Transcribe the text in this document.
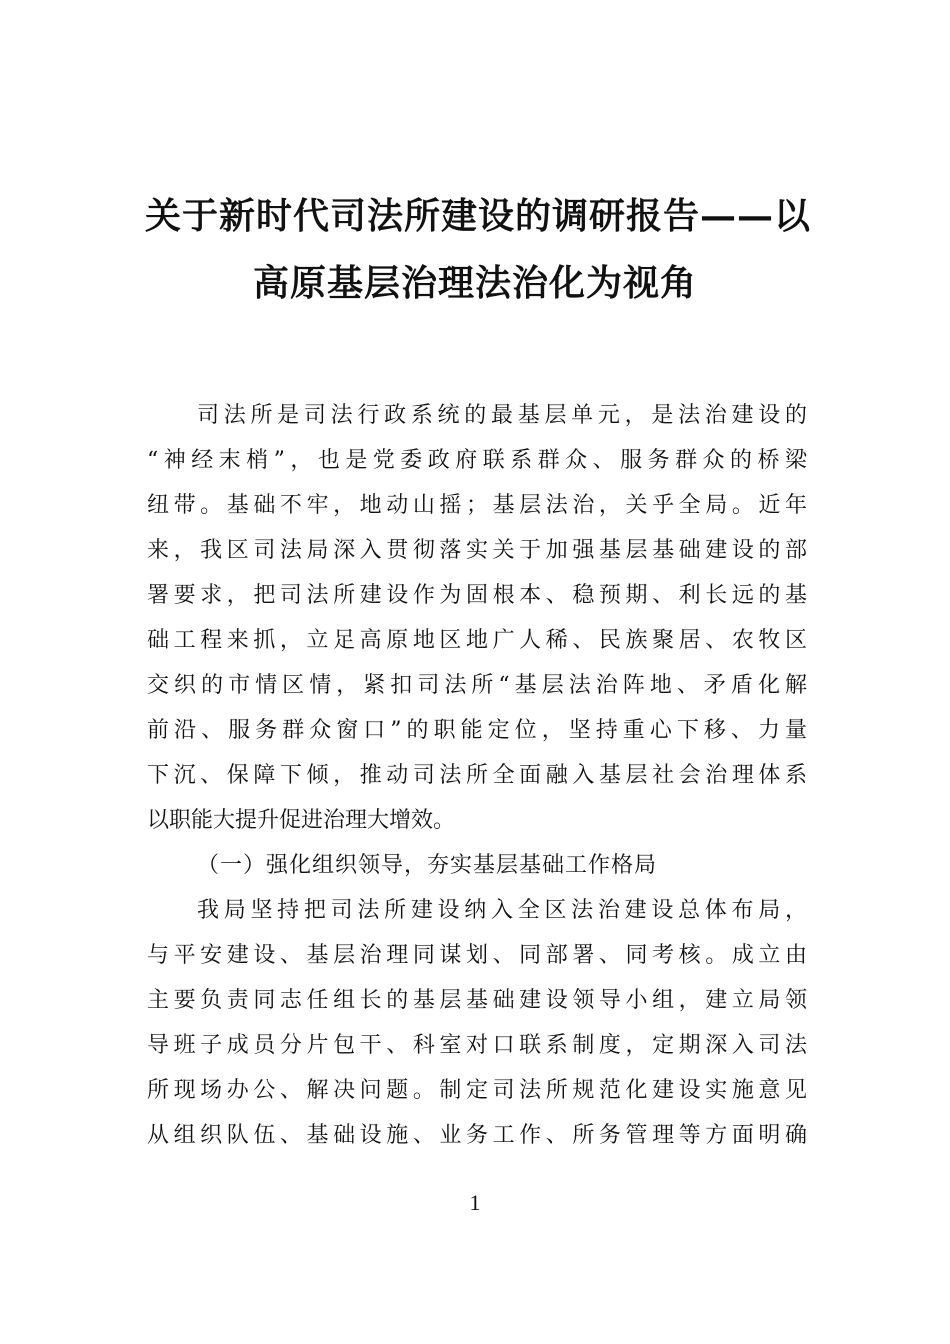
关于新时代司法所建设的调研报告——以
高原基层治理法治化为视角
司法所是司法行政系统的最基层单元，是法治建设的
“神经末梢”，也是党委政府联系群众、服务群众的桥梁
纽带。基础不牢，地动山摇；基层法治，关乎全局。近年
来，我区司法局深入贯彻落实关于加强基层基础建设的部
署要求，把司法所建设作为固根本、稳预期、利长远的基
础工程来抓，立足高原地区地广人稀、民族聚居、农牧区
交织的市情区情，紧扣司法所“基层法治阵地、矛盾化解
前沿、服务群众窗口”的职能定位，坚持重心下移、力量
下沉、保障下倾，推动司法所全面融入基层社会治理体系
以职能大提升促进治理大增效。
（一）强化组织领导，夯实基层基础工作格局
我局坚持把司法所建设纳入全区法治建设总体布局，
与平安建设、基层治理同谋划、同部署、同考核。成立由
主要负责同志任组长的基层基础建设领导小组，建立局领
导班子成员分片包干、科室对口联系制度，定期深入司法
所现场办公、解决问题。制定司法所规范化建设实施意见
从组织队伍、基础设施、业务工作、所务管理等方面明确
1
